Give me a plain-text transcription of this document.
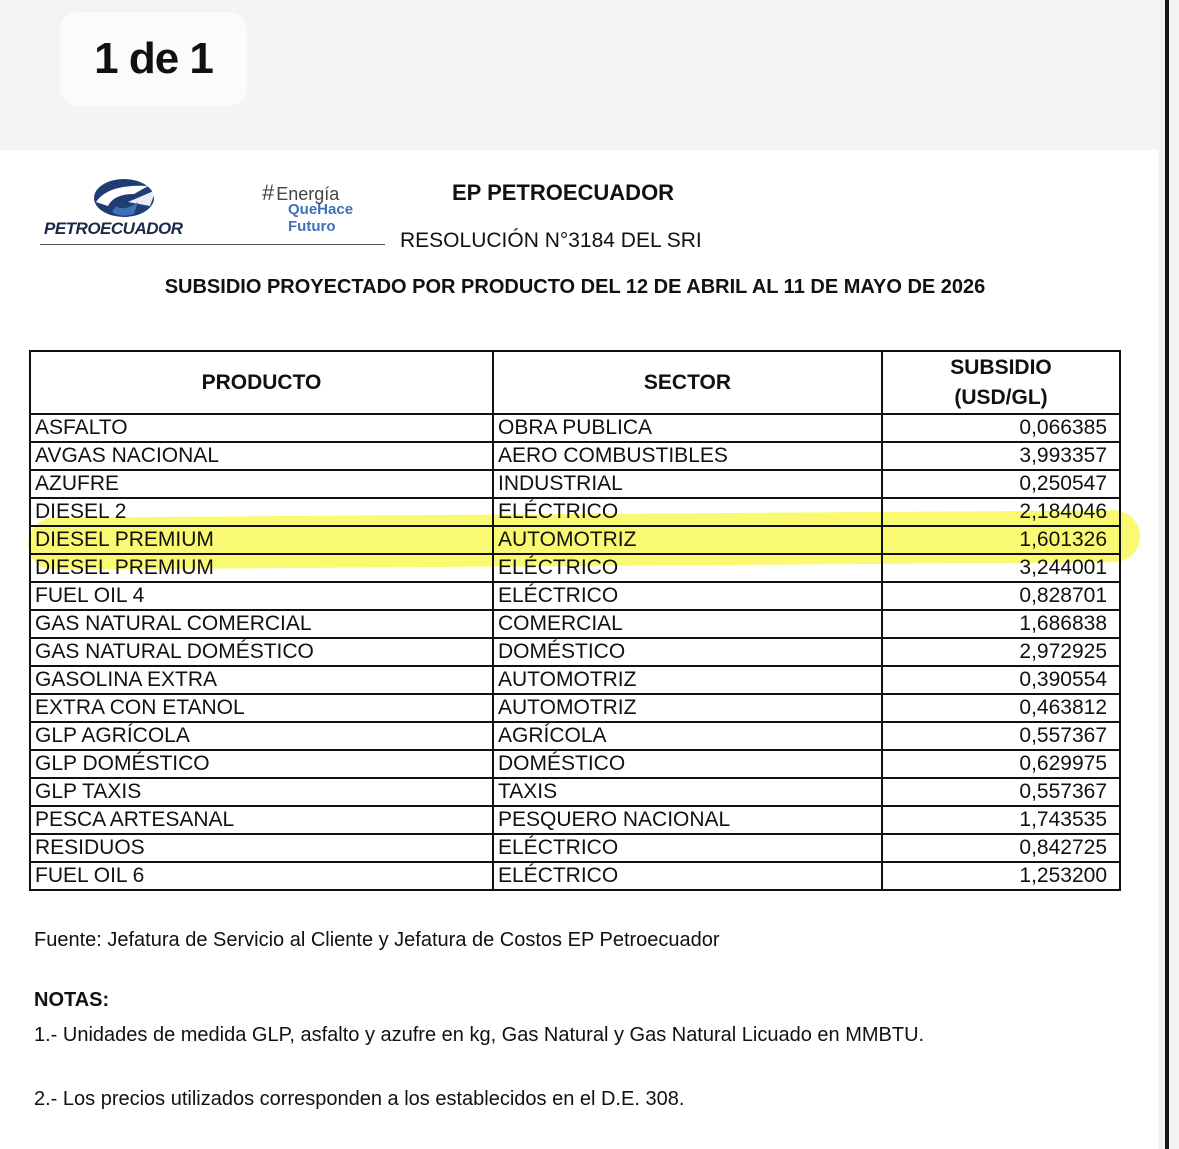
1 de 1
PETROECUADOR
# Energía
QueHace
Futuro
EP PETROECUADOR
RESOLUCIÓN N°3184 DEL SRI
SUBSIDIO PROYECTADO POR PRODUCTO DEL 12 DE ABRIL AL 11 DE MAYO DE 2026
PRODUCTO	SECTOR	SUBSIDIO
(USD/GL)
ASFALTO	OBRA PUBLICA	0,066385
AVGAS NACIONAL	AERO COMBUSTIBLES	3,993357
AZUFRE	INDUSTRIAL	0,250547
DIESEL 2	ELÉCTRICO	2,184046
DIESEL PREMIUM	AUTOMOTRIZ	1,601326
DIESEL PREMIUM	ELÉCTRICO	3,244001
FUEL OIL 4	ELÉCTRICO	0,828701
GAS NATURAL COMERCIAL	COMERCIAL	1,686838
GAS NATURAL DOMÉSTICO	DOMÉSTICO	2,972925
GASOLINA EXTRA	AUTOMOTRIZ	0,390554
EXTRA CON ETANOL	AUTOMOTRIZ	0,463812
GLP AGRÍCOLA	AGRÍCOLA	0,557367
GLP DOMÉSTICO	DOMÉSTICO	0,629975
GLP TAXIS	TAXIS	0,557367
PESCA ARTESANAL	PESQUERO NACIONAL	1,743535
RESIDUOS	ELÉCTRICO	0,842725
FUEL OIL 6	ELÉCTRICO	1,253200
Fuente: Jefatura de Servicio al Cliente y Jefatura de Costos EP Petroecuador
NOTAS:
1.- Unidades de medida GLP, asfalto y azufre en kg, Gas Natural y Gas Natural Licuado en MMBTU.
2.- Los precios utilizados corresponden a los establecidos en el D.E. 308.
